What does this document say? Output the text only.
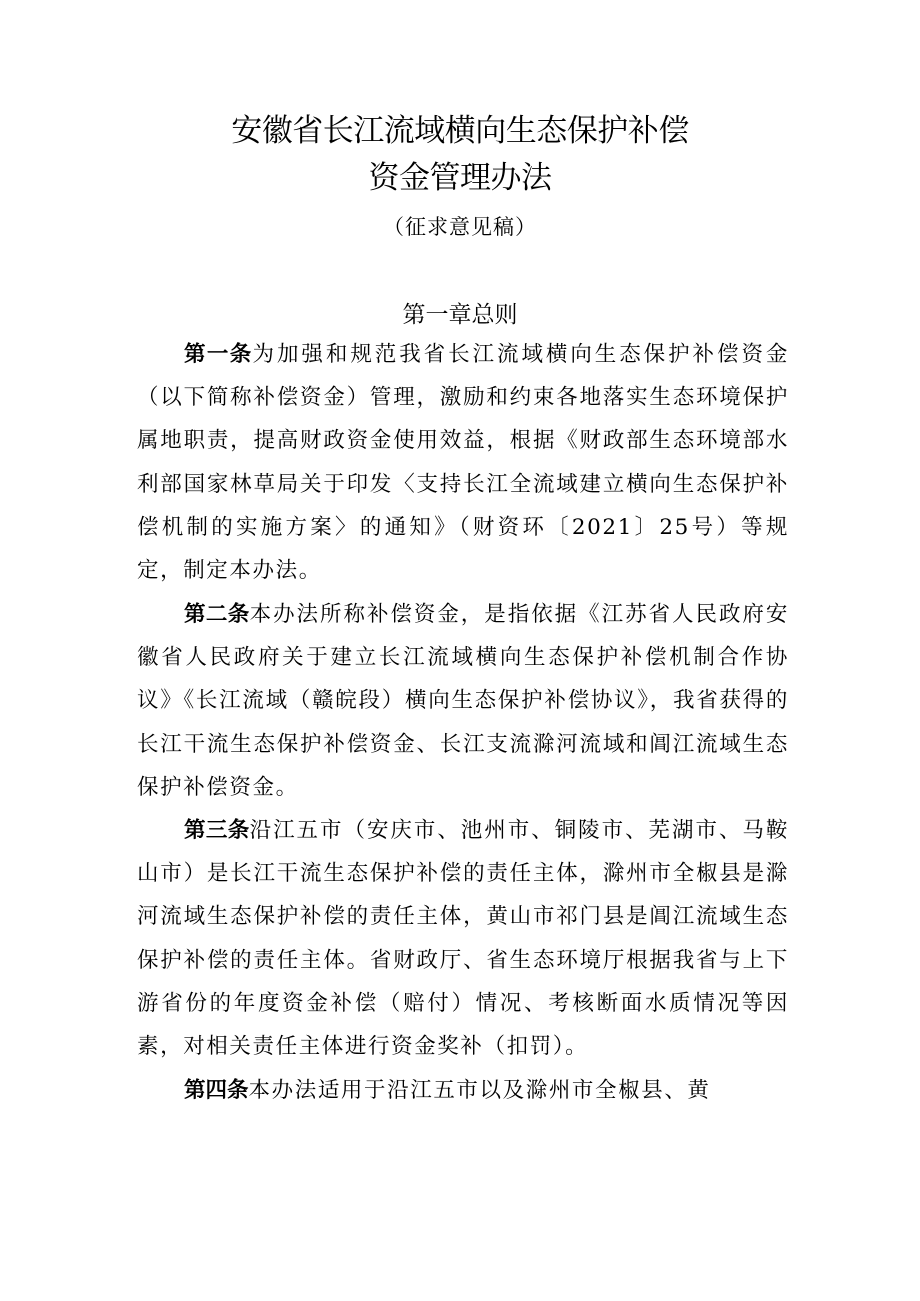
安徽省长江流域横向生态保护补偿
资金管理办法
（征求意见稿）
第一章总则

第一条为加强和规范我省长江流域横向生态保护补偿资金（以下简称补偿资金）管理，激励和约束各地落实生态环境保护属地职责，提高财政资金使用效益，根据《财政部生态环境部水利部国家林草局关于印发〈支持长江全流域建立横向生态保护补偿机制的实施方案〉的通知》（财资环〔2021〕25号）等规定，制定本办法。

第二条本办法所称补偿资金，是指依据《江苏省人民政府安徽省人民政府关于建立长江流域横向生态保护补偿机制合作协议》《长江流域（赣皖段）横向生态保护补偿协议》，我省获得的长江干流生态保护补偿资金、长江支流滁河流域和阊江流域生态保护补偿资金。

第三条沿江五市（安庆市、池州市、铜陵市、芜湖市、马鞍山市）是长江干流生态保护补偿的责任主体，滁州市全椒县是滁河流域生态保护补偿的责任主体，黄山市祁门县是阊江流域生态保护补偿的责任主体。省财政厅、省生态环境厅根据我省与上下游省份的年度资金补偿（赔付）情况、考核断面水质情况等因素，对相关责任主体进行资金奖补（扣罚）。

第四条本办法适用于沿江五市以及滁州市全椒县、黄
